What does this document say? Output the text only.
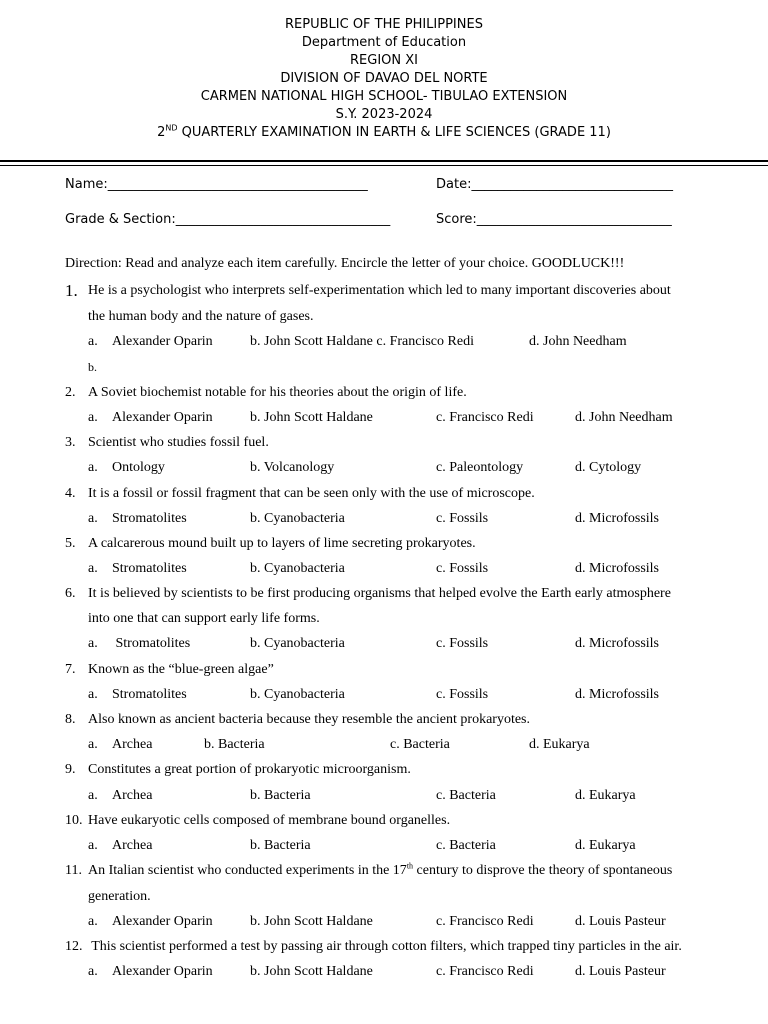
REPUBLIC OF THE PHILIPPINES
Department of Education
REGION XI
DIVISION OF DAVAO DEL NORTE
CARMEN NATIONAL HIGH SCHOOL- TIBULAO EXTENSION
S.Y. 2023-2024
2ND QUARTERLY EXAMINATION IN EARTH & LIFE SCIENCES (GRADE 11)
Name:________________________________________	Date:_______________________________
Grade & Section:_________________________________	Score:______________________________
Direction: Read and analyze each item carefully. Encircle the letter of your choice. GOODLUCK!!!
1. He is a psychologist who interprets self-experimentation which led to many important discoveries about
the human body and the nature of gases.
a. Alexander Oparin	b. John Scott Haldane c. Francisco Redi	d. John Needham
b.
2. A Soviet biochemist notable for his theories about the origin of life.
a. Alexander Oparin	b. John Scott Haldane	c. Francisco Redi	d. John Needham
3. Scientist who studies fossil fuel.
a. Ontology	b. Volcanology	c. Paleontology	d. Cytology
4. It is a fossil or fossil fragment that can be seen only with the use of microscope.
a. Stromatolites	b. Cyanobacteria	c. Fossils	d. Microfossils
5. A calcarerous mound built up to layers of lime secreting prokaryotes.
a. Stromatolites	b. Cyanobacteria	c. Fossils	d. Microfossils
6. It is believed by scientists to be first producing organisms that helped evolve the Earth early atmosphere
into one that can support early life forms.
a. Stromatolites	b. Cyanobacteria	c. Fossils	d. Microfossils
7. Known as the “blue-green algae”
a. Stromatolites	b. Cyanobacteria	c. Fossils	d. Microfossils
8. Also known as ancient bacteria because they resemble the ancient prokaryotes.
a. Archea	b. Bacteria	c. Bacteria	d. Eukarya
9. Constitutes a great portion of prokaryotic microorganism.
a. Archea	b. Bacteria	c. Bacteria	d. Eukarya
10. Have eukaryotic cells composed of membrane bound organelles.
a. Archea	b. Bacteria	c. Bacteria	d. Eukarya
11. An Italian scientist who conducted experiments in the 17th century to disprove the theory of spontaneous
generation.
a. Alexander Oparin	b. John Scott Haldane	c. Francisco Redi	d. Louis Pasteur
12. This scientist performed a test by passing air through cotton filters, which trapped tiny particles in the air.
a. Alexander Oparin	b. John Scott Haldane	c. Francisco Redi	d. Louis Pasteur
